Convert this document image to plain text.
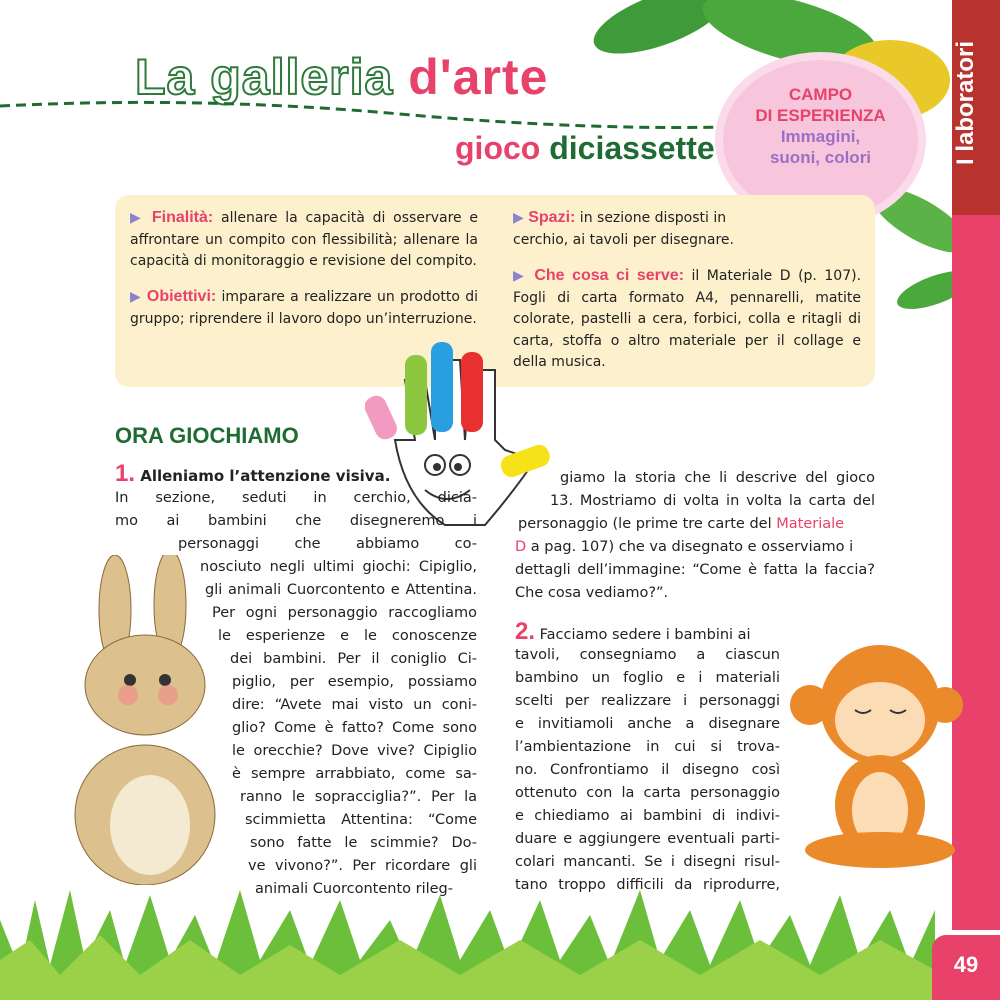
I laboratori
La galleria d'arte
gioco diciassette
CAMPO
DI ESPERIENZA
Immagini,
suoni, colori
▶ Finalità: allenare la capacità di osservare e affrontare un compito con flessibilità; allenare la capacità di monitoraggio e revisione del compito.
▶ Obiettivi: imparare a realizzare un prodotto di gruppo; riprendere il lavoro dopo un’interruzione.
▶ Spazi: in sezione disposti in cerchio, ai tavoli per disegnare.
▶ Che cosa ci serve: il Materiale D (p. 107). Fogli di carta formato A4, pennarelli, matite colorate, pastelli a cera, forbici, colla e ritagli di carta, stoffa o altro materiale per il collage e della musica.
ORA GIOCHIAMO
1. Alleniamo l’attenzione visiva.
In sezione, seduti in cerchio, dicia-
mo ai bambini che disegneremo i
personaggi che abbiamo co-
nosciuto negli ultimi giochi: Cipiglio,
gli animali Cuorcontento e Attentina.
Per ogni personaggio raccogliamo
le esperienze e le conoscenze
dei bambini. Per il coniglio Ci-
piglio, per esempio, possiamo
dire: “Avete mai visto un coni-
glio? Come è fatto? Come sono
le orecchie? Dove vive? Cipiglio
è sempre arrabbiato, come sa-
ranno le sopracciglia?”. Per la
scimmietta Attentina: “Come
sono fatte le scimmie? Do-
ve vivono?”. Per ricordare gli
animali Cuorcontento rileg-
giamo la storia che li descrive del gioco
13. Mostriamo di volta in volta la carta del
personaggio (le prime tre carte del Materiale
D a pag. 107) che va disegnato e osserviamo i
dettagli dell’immagine: “Come è fatta la faccia?
Che cosa vediamo?”.
2. Facciamo sedere i bambini ai
tavoli, consegniamo a ciascun
bambino un foglio e i materiali
scelti per realizzare i personaggi
e invitiamoli anche a disegnare
l’ambientazione in cui si trova-
no. Confrontiamo il disegno così
ottenuto con la carta personaggio
e chiediamo ai bambini di indivi-
duare e aggiungere eventuali parti-
colari mancanti. Se i disegni risul-
tano troppo difficili da riprodurre,
49
